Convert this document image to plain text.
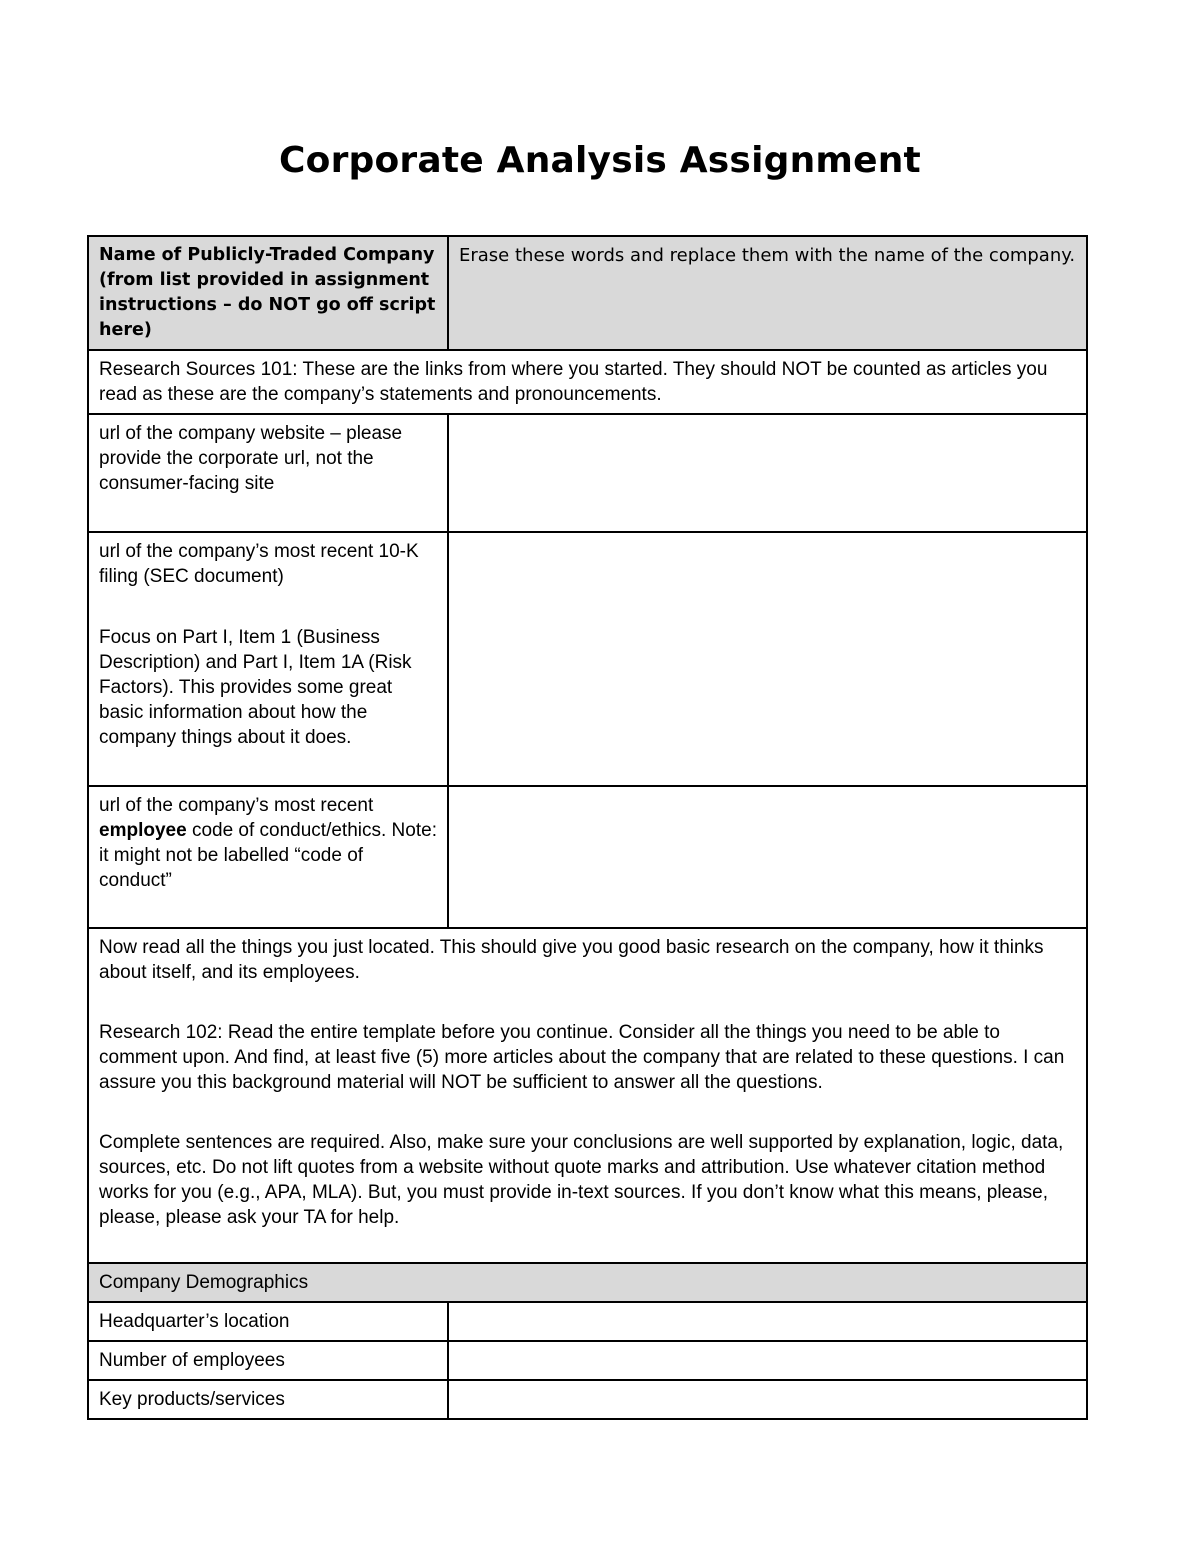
Corporate Analysis Assignment
Name of Publicly-Traded Company (from list provided in assignment instructions – do NOT go off script here)	Erase these words and replace them with the name of the company.
Research Sources 101: These are the links from where you started. They should NOT be counted as articles you read as these are the company’s statements and pronouncements.	
url of the company website – please provide the corporate url, not the consumer-facing site	

url of the company’s most recent 10-K filing (SEC document)
Focus on Part I, Item 1 (Business Description) and Part I, Item 1A (Risk Factors). This provides some great basic information about how the company things about it does.	

url of the company’s most recent employee code of conduct/ethics. Note: it might not be labelled “code of conduct”	

Now read all the things you just located. This should give you good basic research on the company, how it thinks about itself, and its employees.

Research 102: Read the entire template before you continue. Consider all the things you need to be able to comment upon. And find, at least five (5) more articles about the company that are related to these questions. I can assure you this background material will NOT be sufficient to answer all the questions.

Complete sentences are required. Also, make sure your conclusions are well supported by explanation, logic, data, sources, etc. Do not lift quotes from a website without quote marks and attribution. Use whatever citation method works for you (e.g., APA, MLA). But, you must provide in-text sources. If you don’t know what this means, please, please, please ask your TA for help.	

Company Demographics	
Headquarter’s location	
Number of employees	
Key products/services	
